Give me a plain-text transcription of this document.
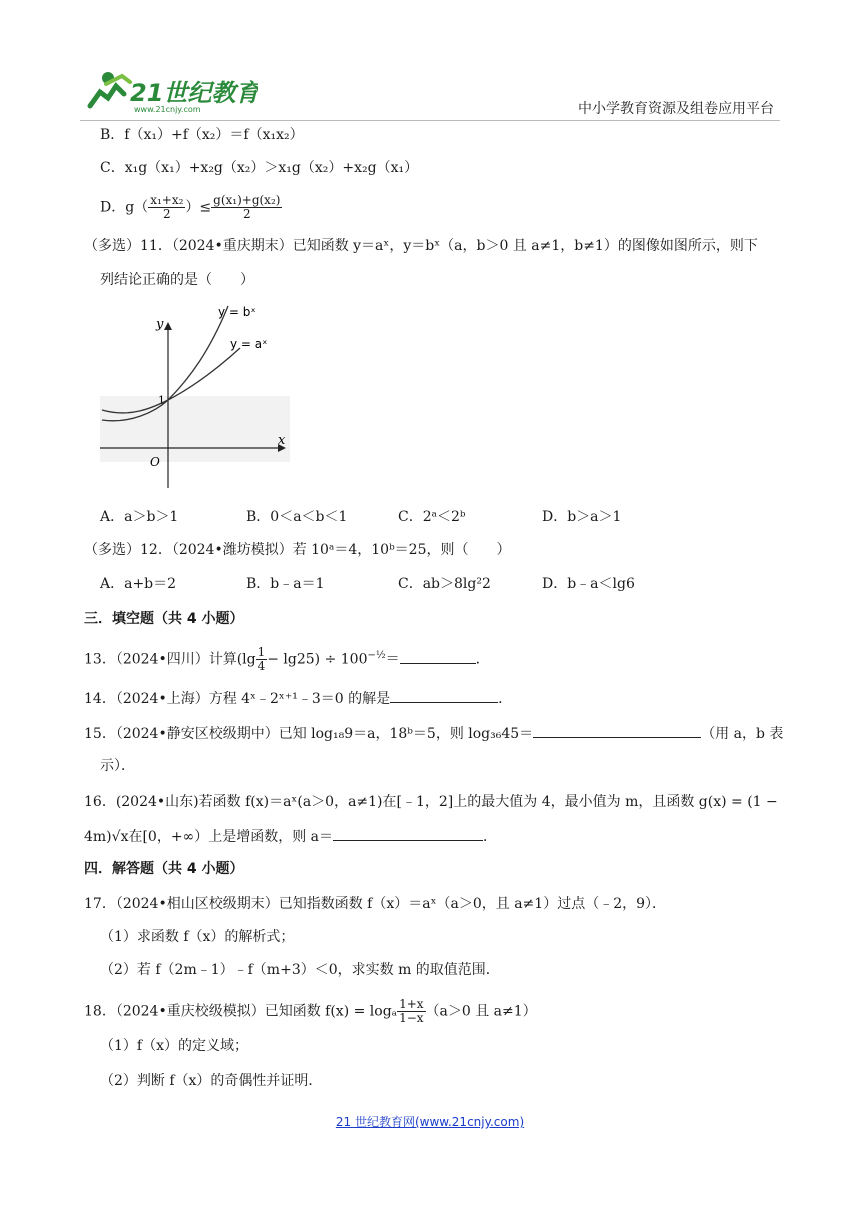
21世纪教育
www.21cnjy.com	中小学教育资源及组卷应用平台
B．f（x₁）+f（x₂）＝f（x₁x₂）
C．x₁g（x₁）+x₂g（x₂）＞x₁g（x₂）+x₂g（x₁）
D．$g( \frac{\text{x₁+x₂}}{2}$ ）≤ $\frac{\text{g(x₁)+g(x₂)}}{2}$
（多选）11．（2024•重庆期末）已知函数 y＝aˣ，y＝bˣ（a，b＞0 且 a≠1，b≠1）的图像如图所示，则下
列结论正确的是（　　）
y
x
O
1
y = bˣ
y = aˣ
A．a＞b＞1	B．0＜a＜b＜1	C．2ᵃ＜2ᵇ	D．b＞a＞1
（多选）12．（2024•潍坊模拟）若 10ᵃ＝4，10ᵇ＝25，则（　　）
A．a+b＝2	B．b﹣a＝1	C．ab＞8lg²2	D．b﹣a＜lg6
三．填空题（共 4 小题）
13．（2024•四川）计算$(\lg \frac{1}{4} - \lg 25) \div 100^{-\frac{1}{2}}=$	．
14．（2024•上海）方程 4ˣ﹣2ˣ⁺¹﹣3＝0 的解是	．
15．（2024•静安区校级期中）已知 log₁₈9＝a，18ᵇ＝5，则 log₃₆45＝	（用 a，b 表
示）．
16．(2024•山东)若函数 f(x)＝aˣ(a＞0，a≠1)在[﹣1，2]上的最大值为 4，最小值为 m，且函数 g(x) = (1 −
4m)√x在[0，+∞）上是增函数，则 a＝	．
四．解答题（共 4 小题）
17．（2024•相山区校级期末）已知指数函数 f（x）＝aˣ（a＞0，且 a≠1）过点（﹣2，9）．
（1）求函数 f（x）的解析式；
（2）若 f（2m﹣1）﹣f（m+3）＜0，求实数 m 的取值范围．
18．（2024•重庆校级模拟）已知函数 f(x) = logₐ $\frac{1+x}{1-x} (a>0$ 且 a≠1）
（1）f（x）的定义域；
（2）判断 f（x）的奇偶性并证明．
21 世纪教育网(www.21cnjy.com)
